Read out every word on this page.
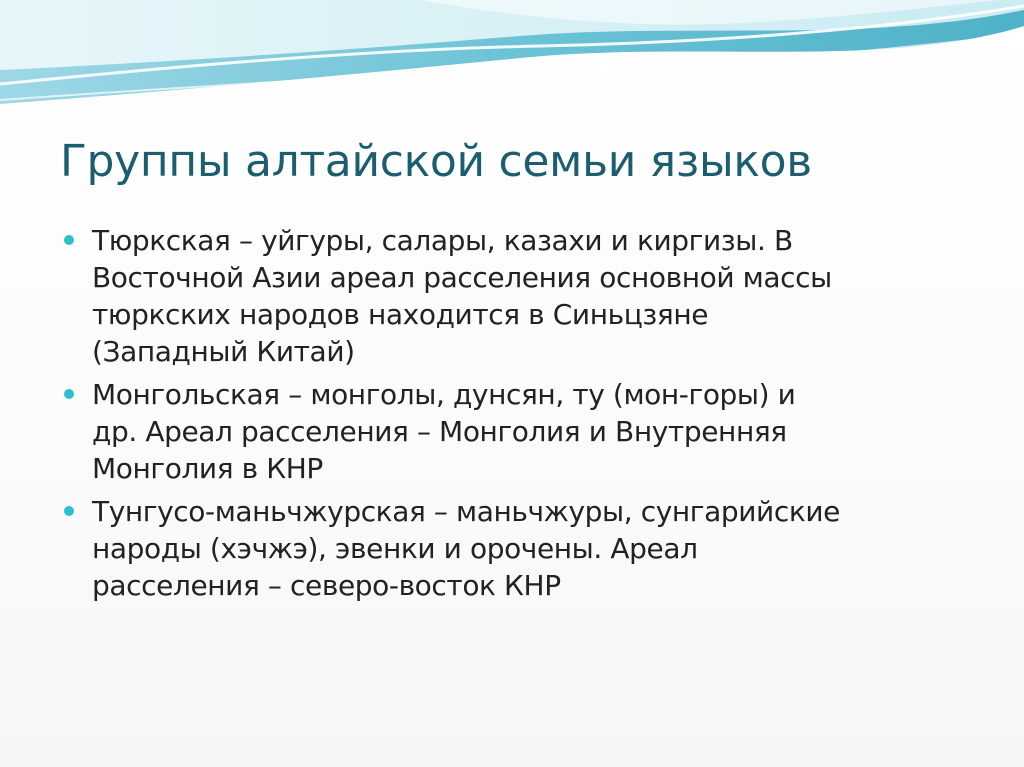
Группы алтайской семьи языков
Тюркская – уйгуры, салары, казахи и киргизы. В
Восточной Азии ареал расселения основной массы
тюркских народов находится в Синьцзяне
(Западный Китай)
Монгольская – монголы, дунсян, ту (мон-горы) и
др. Ареал расселения – Монголия и Внутренняя
Монголия в КНР
Тунгусо-маньчжурская – маньчжуры, сунгарийские
народы (хэчжэ), эвенки и орочены. Ареал
расселения – северо-восток КНР
